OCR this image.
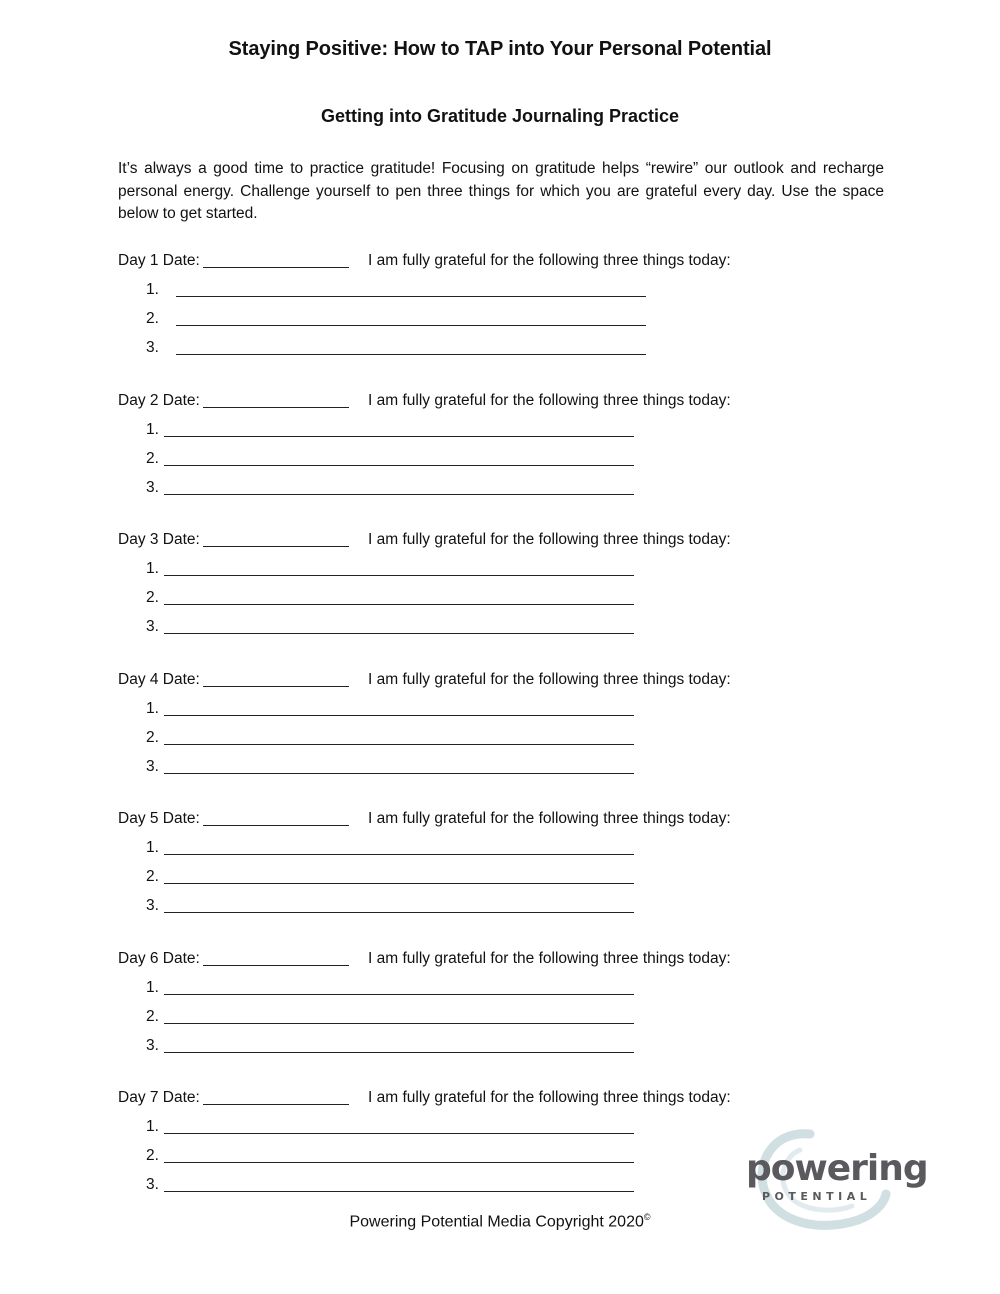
Staying Positive: How to TAP into Your Personal Potential
Getting into Gratitude Journaling Practice
It’s always a good time to practice gratitude! Focusing on gratitude helps “rewire” our outlook and recharge personal energy. Challenge yourself to pen three things for which you are grateful every day. Use the space below to get started.
Day 1 Date:	I am fully grateful for the following three things today:
1.
2.
3.
Day 2 Date:	I am fully grateful for the following three things today:
1.
2.
3.
Day 3 Date:	I am fully grateful for the following three things today:
1.
2.
3.
Day 4 Date:	I am fully grateful for the following three things today:
1.
2.
3.
Day 5 Date:	I am fully grateful for the following three things today:
1.
2.
3.
Day 6 Date:	I am fully grateful for the following three things today:
1.
2.
3.
Day 7 Date:	I am fully grateful for the following three things today:
1.
2.
3.
Powering Potential Media Copyright 2020©
powering
POTENTIAL
